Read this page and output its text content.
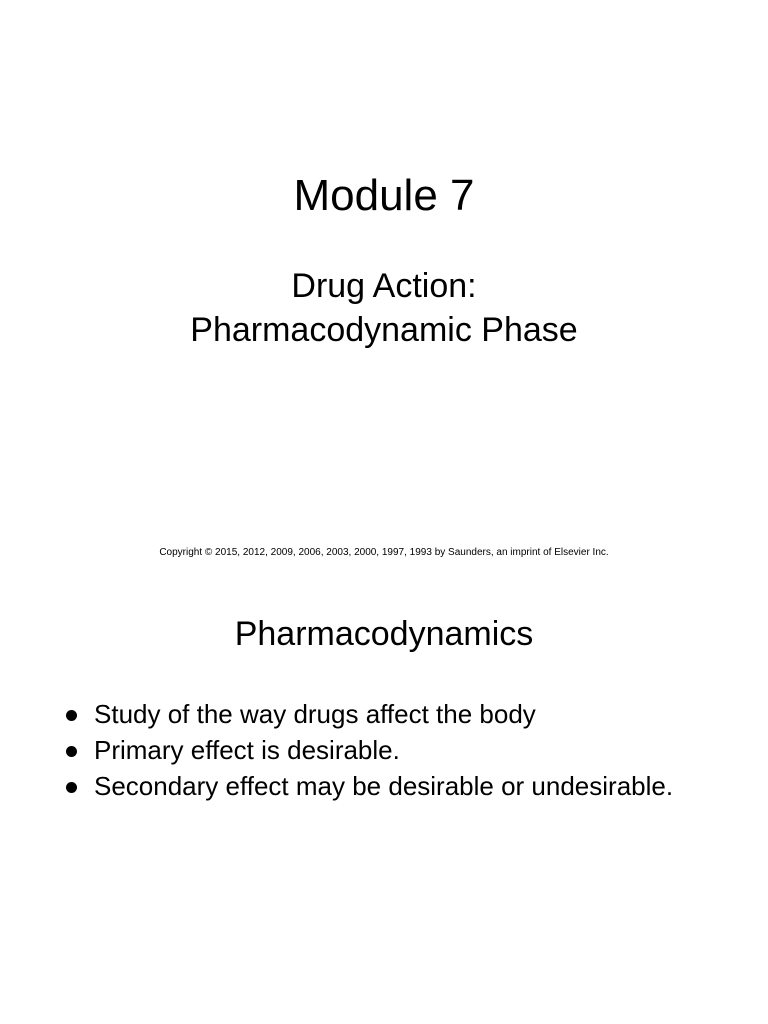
Module 7
Drug Action:
Pharmacodynamic Phase
Copyright © 2015, 2012, 2009, 2006, 2003, 2000, 1997, 1993 by Saunders, an imprint of Elsevier Inc.
Pharmacodynamics
Study of the way drugs affect the body
Primary effect is desirable.
Secondary effect may be desirable or undesirable.
